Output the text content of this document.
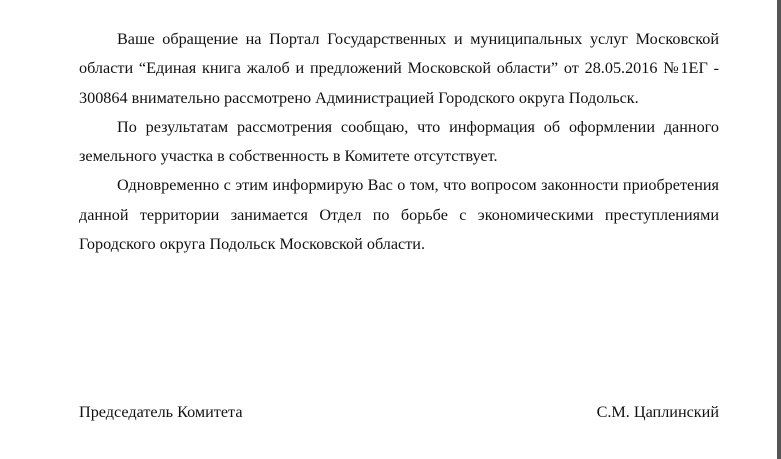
Ваше обращение на Портал Государственных и муниципальных услуг Московской области “Единая книга жалоб и предложений Московской области” от 28.05.2016 №1ЕГ - 300864 внимательно рассмотрено Администрацией Городского округа Подольск.

По результатам рассмотрения сообщаю, что информация об оформлении данного земельного участка в собственность в Комитете отсутствует.

Одновременно с этим информирую Вас о том, что вопросом законности приобретения данной территории занимается Отдел по борьбе с экономическими преступлениями Городского округа Подольск Московской области.

Председатель Комитета	С.М. Цаплинский
